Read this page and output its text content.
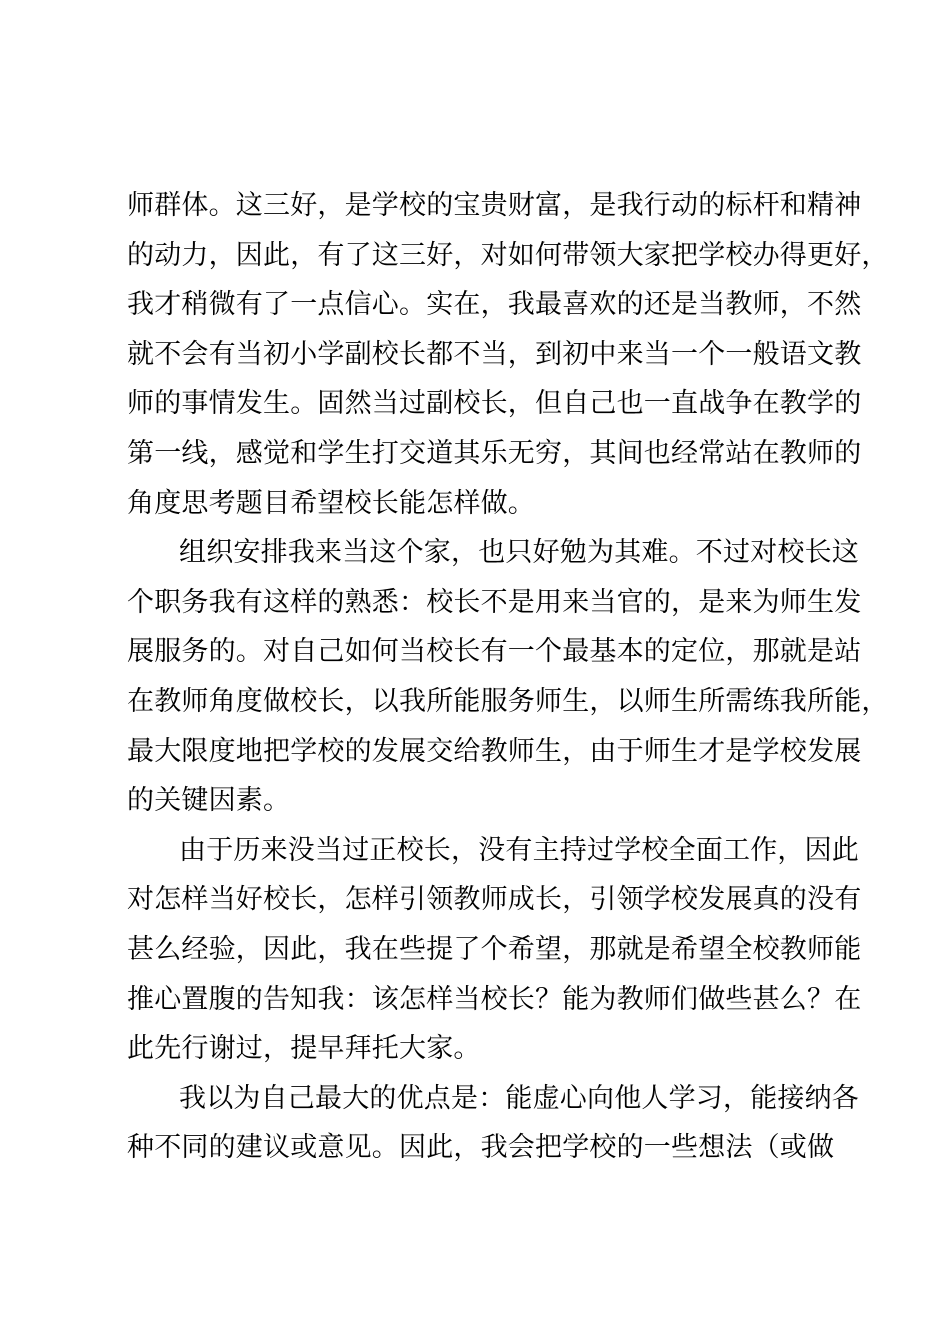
师群体。这三好，是学校的宝贵财富，是我行动的标杆和精神
的动力，因此，有了这三好，对如何带领大家把学校办得更好，
我才稍微有了一点信心。实在，我最喜欢的还是当教师，不然
就不会有当初小学副校长都不当，到初中来当一个一般语文教
师的事情发生。固然当过副校长，但自己也一直战争在教学的
第一线，感觉和学生打交道其乐无穷，其间也经常站在教师的
角度思考题目希望校长能怎样做。
组织安排我来当这个家，也只好勉为其难。不过对校长这
个职务我有这样的熟悉：校长不是用来当官的，是来为师生发
展服务的。对自己如何当校长有一个最基本的定位，那就是站
在教师角度做校长，以我所能服务师生，以师生所需练我所能，
最大限度地把学校的发展交给教师生，由于师生才是学校发展
的关键因素。
由于历来没当过正校长，没有主持过学校全面工作，因此
对怎样当好校长，怎样引领教师成长，引领学校发展真的没有
甚么经验，因此，我在些提了个希望，那就是希望全校教师能
推心置腹的告知我：该怎样当校长？能为教师们做些甚么？在
此先行谢过，提早拜托大家。
我以为自己最大的优点是：能虚心向他人学习，能接纳各
种不同的建议或意见。因此，我会把学校的一些想法（或做
